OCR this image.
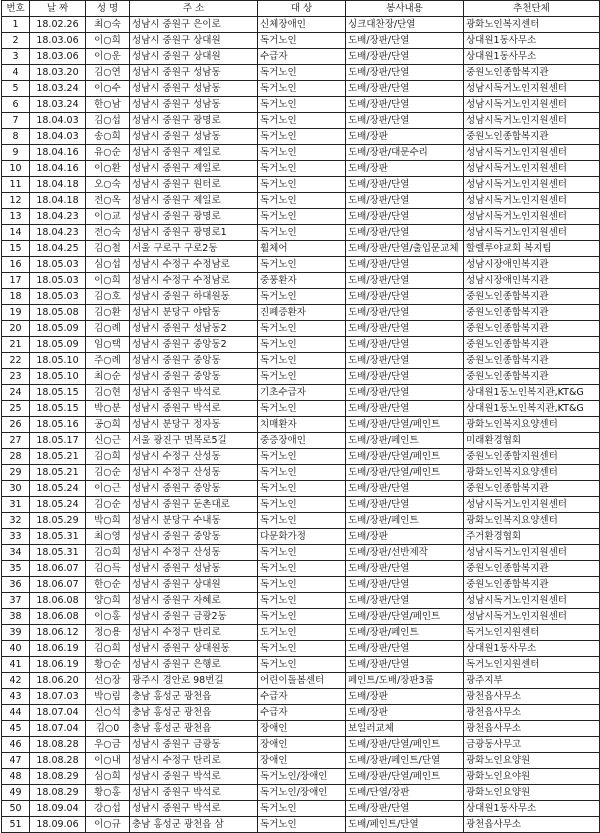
번호	날 짜	성 명	주 소	대 상	봉사내용	추천단체
1	18.02.26	최○숙	성남시 중원구 은이로	신체장애인	싱크대찬장/단열	광화노인복지센터
2	18.03.06	이○희	성남시 중원구 상대원	독거노인	도배/장판/단열	상대원1동사무소
3	18.03.06	이○운	성남시 중원구 상대원	수급자	도배/장판/단열	상대원1동사무소
4	18.03.20	김○연	성남시 중원구 성남동	독거노인	도배/장판/단열	중원노인종합복지관
5	18.03.24	이○수	성남시 중원구 성남동	독거노인	도배/장판/단열	성남시독거노인지원센터
6	18.03.24	한○남	성남시 중원구 성남동	독거노인	도배/장판/단열	성남시독거노인지원센터
7	18.04.03	김○섭	성남시 중원구 광명로	독거노인	도배/장판/단열	성남시독거노인지원센터
8	18.04.03	송○희	성남시 중원구 성남동	독거노인	도배/장판	중원노인종합복지관
9	18.04.16	유○순	성남시 중원구 제일로	독거노인	도배/장판/대문수리	성남시독거노인지원센터
10	18.04.16	이○환	성남시 중원구 제일로	독거노인	도배/장판	성남시독거노인지원센터
11	18.04.18	오○숙	성남시 중원구 원터로	독거노인	도배/장판/단열	성남시독거노인지원센터
12	18.04.18	전○옥	성남시 중원구 제일로	독거노인	도배/장판/단열	성남시독거노인지원센터
13	18.04.23	이○교	성남시 중원구 광명로	독거노인	도배/장판/단열	성남시독거노인지원센터
14	18.04.23	전○숙	성남시 중원구 광명로1	독거노인	도배/장판/단열	성남시독거노인지원센터
15	18.04.25	김○철	서울 구로구 구로2동	휠체어	도배/장판/단열/출입문교체	할렐루야교회 복지팀
16	18.05.03	심○섭	성남시 수정구 수정남로	독거노인	도배/장판/단열	성남시장애인복지관
17	18.05.03	이○희	성남시 수정구 수정남로	중풍환자	도배/장판/단열	성남시장애인복지관
18	18.05.03	김○호	성남시 중원구 하대원동	독거노인	도배/장판/단열	중원노인종합복지관
19	18.05.08	김○환	성남시 분당구 야탑동	진폐증환자	도배/장판/단열	중원노인종합복지관
20	18.05.09	김○례	성남시 중원구 성남동2	독거노인	도배/장판/단열	중원노인종합복지관
21	18.05.09	임○택	성남시 중원구 중앙동2	독거노인	도배/장판/단열	중원노인종합복지관
22	18.05.10	주○례	성남시 중원구 중앙동	독거노인	도배/장판/단열	중원노인종합복지관
23	18.05.10	최○순	성남시 중원구 중앙동	독거노인	도배/장판/단열	중원노인종합복지관
24	18.05.15	김○현	성남시 중원구 박석로	기초수급자	도배/장판/단열	상대원1동노인복지관,KT&G
25	18.05.15	박○분	성남시 중원구 박석로	독거노인	도배/장판/단열	상대원1동노인복지관,KT&G
26	18.05.16	공○희	성남시 분당구 정자동	치매환자	도배/장판/단열/페인트	광화노인복지요양센터
27	18.05.17	신○근	서울 광진구 면목로5길	중증장애인	도배/장판/페인트	미래환경협회
28	18.05.21	김○희	성남시 수정구 산성동	독거노인	도배/장판/단열/페인트	중원노인종합지원센터
29	18.05.21	김○순	성남시 수정구 산성동	독거노인	도배/장판/단열/페인트	광화노인복지요양센터
30	18.05.24	이○근	성남시 중원구 중앙동	독거노인	도배/장판/단열	중원노인종합복지관
31	18.05.24	김○순	성남시 중원구 둔촌대로	독거노인	도배/장판/단열	성남시독거노인지원센터
32	18.05.29	박○희	성남시 분당구 수내동	독거노인	도배/장판/페인트	광화노인복지요양센터
33	18.05.31	최○영	성남시 중원구 중앙동	다문화가정	도배/장판	주거환경협회
34	18.05.31	김○희	성남시 수정구 산성동	독거노인	도배/장판/선반제작	성남시독거노인지원센터
35	18.06.07	김○득	성남시 중원구 성남동	독거노인	도배/장판/단열	중원노인종합복지관
36	18.06.07	한○순	성남시 중원구 상대원	독거노인	도배/장판/단열	중원노인종합복지관
37	18.06.08	양○희	성남시 중원구 자혜로	독거노인	도배/장판/단열	성남시독거노인지원센터
38	18.06.08	이○홍	성남시 중원구 금광2동	독거노인	도배/장판/단열/페인트	성남시독거노인지원센터
39	18.06.12	정○용	성남시 수정구 탄리로	도거노인	도배/장판/페인트	독거노인지원센터
40	18.06.19	김○희	성남시 중원구 상대원동	독거노인	도배/장판/단열	상대원1동사무소
41	18.06.19	황○순	성남시 중원구 은행로	독거노인	도배/장판/단열	독거노인지원센터
42	18.06.20	선○장	광주시 경안로 98번길	어린이돌봄센터	페인트/도배/장판3룸	광주지부
43	18.07.03	박○림	충남 홍성군 광천읍	수급자	도배/장판	광천읍사무소
44	18.07.04	신○석	충남 홍성군 광천읍	수급자	도배/장판	광천읍사무소
45	18.07.04	김○0	충남 홍성군 광천읍	장애인	보일러교체	광천읍사무소
46	18.08.28	우○금	성남시 중원구 금광동	장애인	도배/장판/단열/페인트	금광동사무고
47	18.08.28	이○내	성남시 수정구 탄리로	장애인	도배/장판/페인트/단열	광화노인요양원
48	18.08.29	심○희	성남시 중원구 박석로	독거노인/장애인	도배/장판/단열/페인트	광화노인요야원
49	18.08.29	황○홍	성남시 중원구 박석로	독거노인/장애인	도배/단열/장판	광화노인요양원
50	18.09.04	강○섭	성남시 중원구 박석로	독거노인	도배/장판/단열	상대원1동사무소
51	18.09.06	이○규	충남 홍성군 광천읍 삼	독거노인	도배/페인트/단열	광천읍사무소
